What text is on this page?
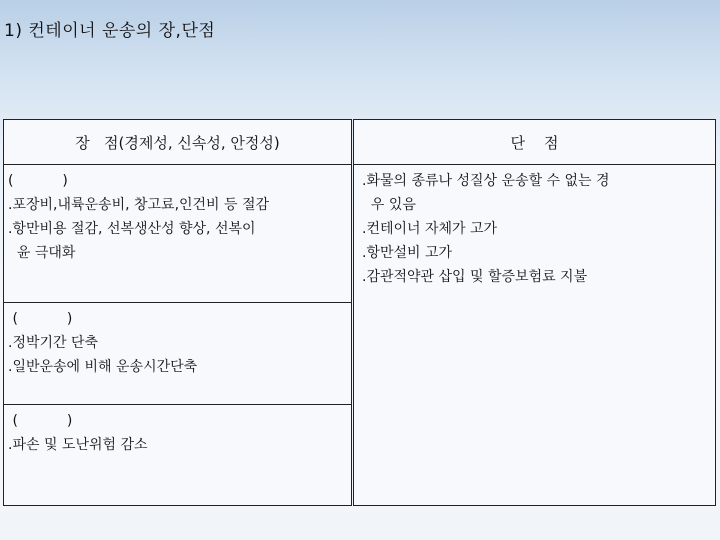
1) 컨테이너 운송의 장,단점
장   점(경제성, 신속성, 안정성)
(           )
.포장비,내륙운송비, 창고료,인건비 등 절감
.항만비용 절감, 선복생산성 향상, 선복이
윤 극대화
(           )
.정박기간 단축
.일반운송에 비해 운송시간단축
(           )
.파손 및 도난위험 감소
단    점
.화물의 종류나 성질상 운송할 수 없는 경
우 있음
.컨테이너 자체가 고가
.항만설비 고가
.감관적약관 삽입 및 할증보험료 지불
